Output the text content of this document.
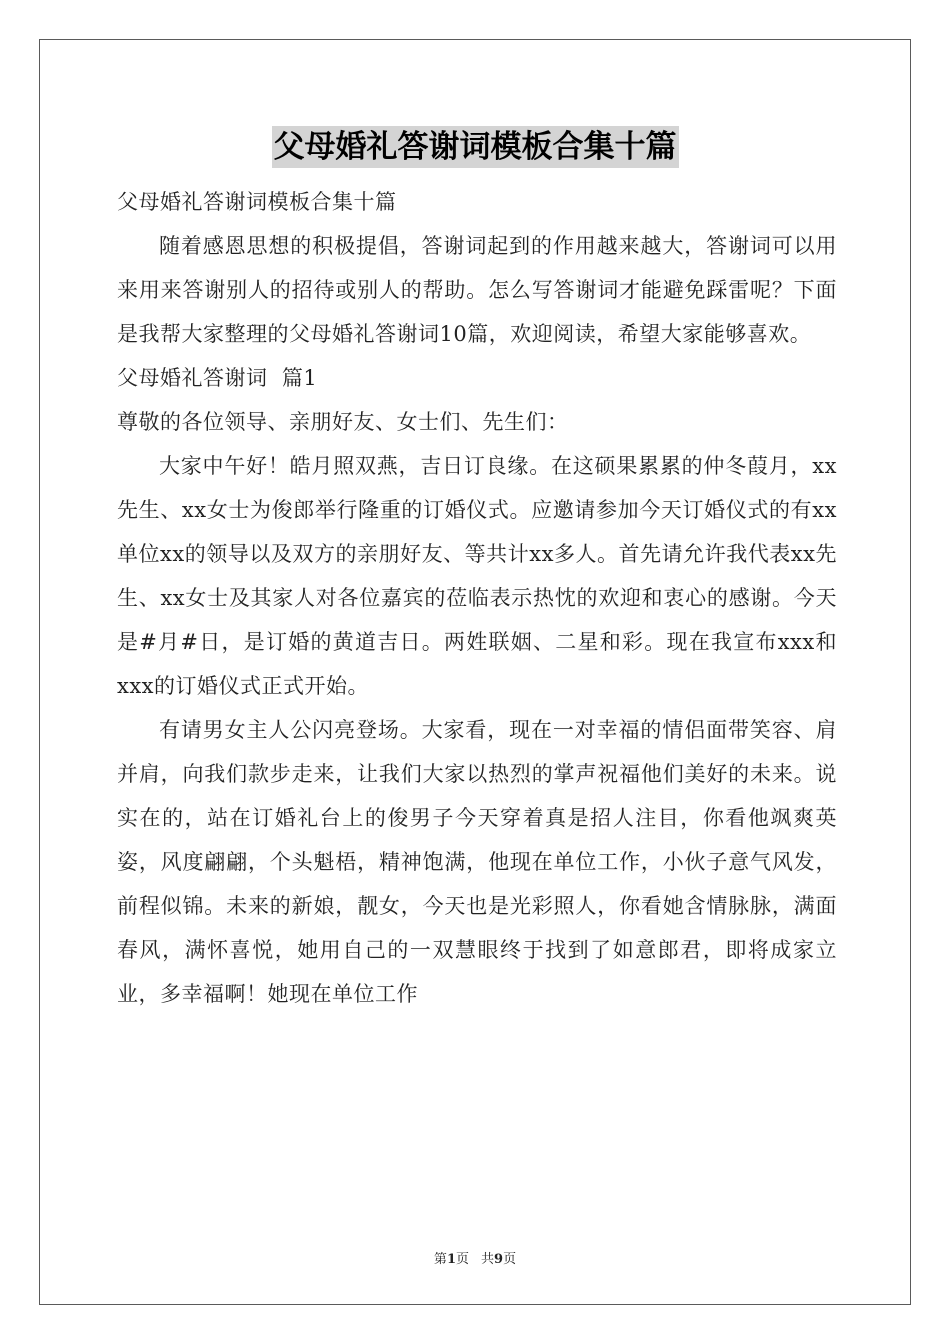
父母婚礼答谢词模板合集十篇

父母婚礼答谢词模板合集十篇

随着感恩思想的积极提倡，答谢词起到的作用越来越大，答谢词可以用来用来答谢别人的招待或别人的帮助。怎么写答谢词才能避免踩雷呢？下面是我帮大家整理的父母婚礼答谢词10篇，欢迎阅读，希望大家能够喜欢。

父母婚礼答谢词  篇1

尊敬的各位领导、亲朋好友、女士们、先生们：

大家中午好！皓月照双燕，吉日订良缘。在这硕果累累的仲冬葭月，xx先生、xx女士为俊郎举行隆重的订婚仪式。应邀请参加今天订婚仪式的有xx单位xx的领导以及双方的亲朋好友、等共计xx多人。首先请允许我代表xx先生、xx女士及其家人对各位嘉宾的莅临表示热忱的欢迎和衷心的感谢。今天是#月#日，是订婚的黄道吉日。两姓联姻、二星和彩。现在我宣布xxx和xxx的订婚仪式正式开始。

有请男女主人公闪亮登场。大家看，现在一对幸福的情侣面带笑容、肩并肩，向我们款步走来，让我们大家以热烈的掌声祝福他们美好的未来。说实在的，站在订婚礼台上的俊男子今天穿着真是招人注目，你看他飒爽英姿，风度翩翩，个头魁梧，精神饱满，他现在单位工作，小伙子意气风发，前程似锦。未来的新娘，靓女，今天也是光彩照人，你看她含情脉脉，满面春风，满怀喜悦，她用自己的一双慧眼终于找到了如意郎君，即将成家立业，多幸福啊！她现在单位工作

第1页 共9页
